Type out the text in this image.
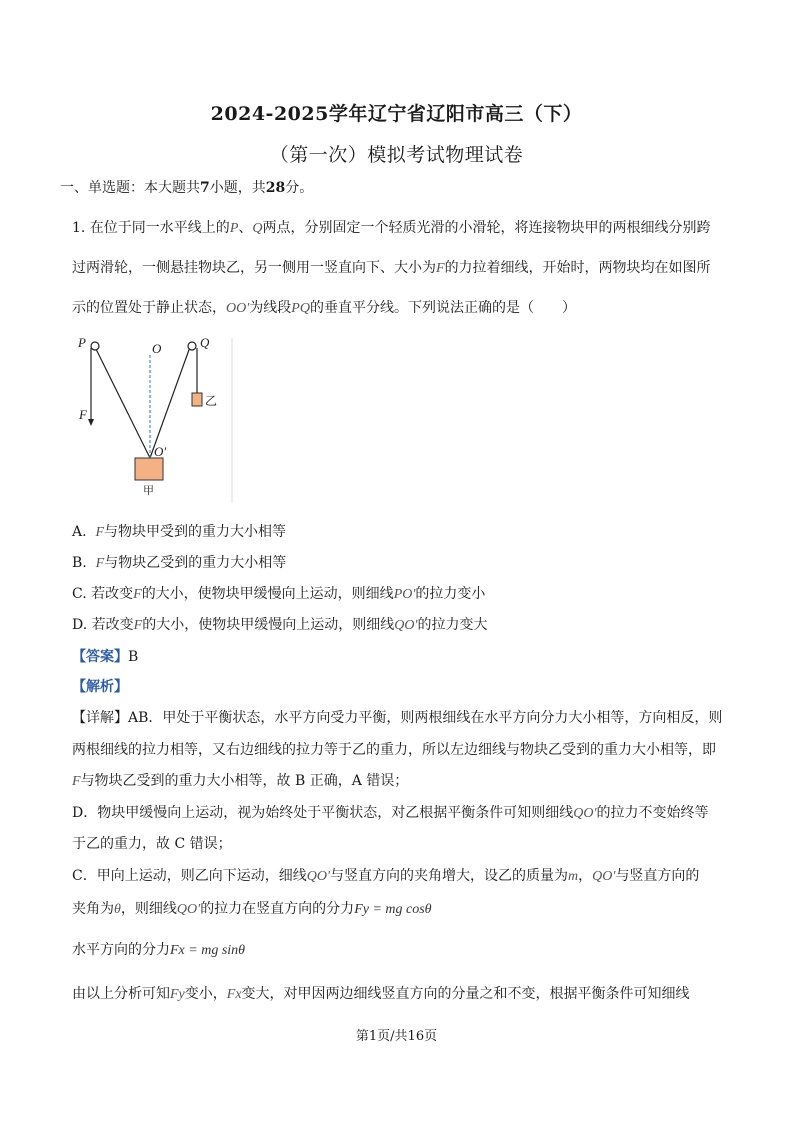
2024-2025学年辽宁省辽阳市高三（下）
（第一次）模拟考试物理试卷
一、单选题：本大题共7小题，共28分。
1. 在位于同一水平线上的P、Q两点，分别固定一个轻质光滑的小滑轮，将连接物块甲的两根细线分别跨
过两滑轮，一侧悬挂物块乙，另一侧用一竖直向下、大小为F的力拉着细线，开始时，两物块均在如图所
示的位置处于静止状态，OO′为线段PQ的垂直平分线。下列说法正确的是（　　）
P	O	Q
F
乙
O′
甲
A. F与物块甲受到的重力大小相等
B. F与物块乙受到的重力大小相等
C. 若改变F的大小，使物块甲缓慢向上运动，则细线PO′的拉力变小
D. 若改变F的大小，使物块甲缓慢向上运动，则细线QO′的拉力变大
【答案】B
【解析】
【详解】AB．甲处于平衡状态，水平方向受力平衡，则两根细线在水平方向分力大小相等，方向相反，则
两根细线的拉力相等，又右边细线的拉力等于乙的重力，所以左边细线与物块乙受到的重力大小相等，即
F与物块乙受到的重力大小相等，故 B 正确，A 错误；
D．物块甲缓慢向上运动，视为始终处于平衡状态，对乙根据平衡条件可知则细线QO′的拉力不变始终等
于乙的重力，故 C 错误；
C．甲向上运动，则乙向下运动，细线QO′与竖直方向的夹角增大，设乙的质量为m，QO′与竖直方向的
夹角为θ，则细线QO′的拉力在竖直方向的分力Fy = mg cosθ
水平方向的分力Fx = mg sinθ
由以上分析可知Fy变小，Fx变大，对甲因两边细线竖直方向的分量之和不变，根据平衡条件可知细线
第1页/共16页
